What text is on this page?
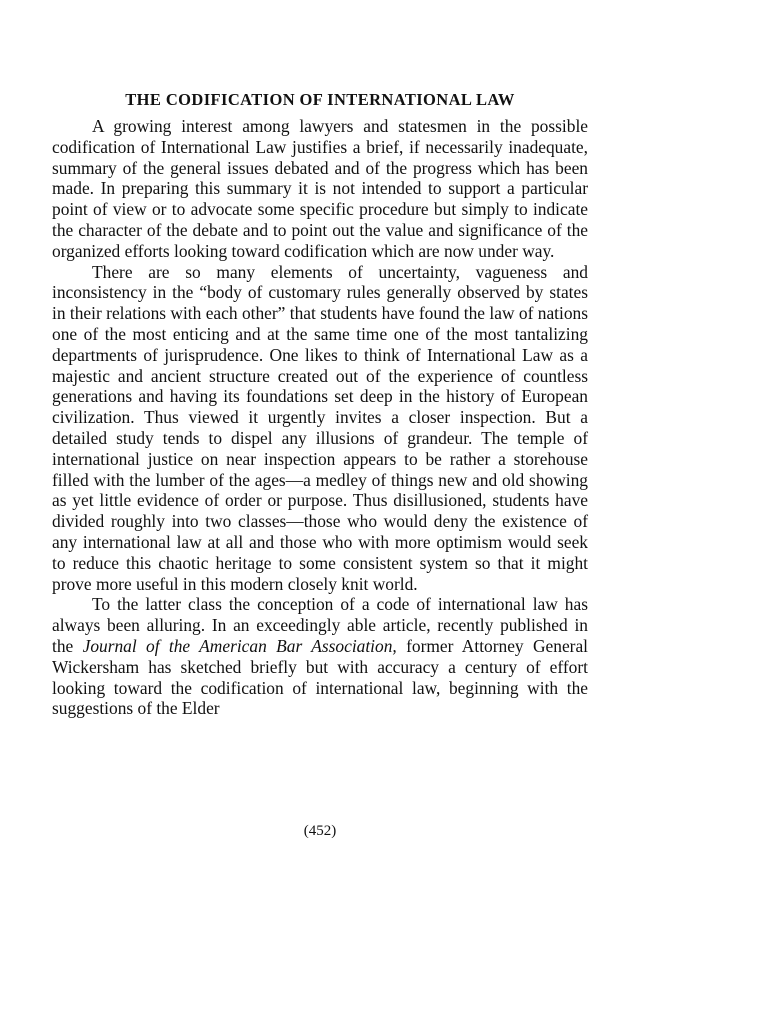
THE CODIFICATION OF INTERNATIONAL LAW

A growing interest among lawyers and statesmen in the possible codification of International Law justifies a brief, if necessarily inadequate, summary of the general issues debated and of the progress which has been made. In preparing this summary it is not intended to support a particular point of view or to advocate some specific procedure but simply to indicate the character of the debate and to point out the value and significance of the organized efforts looking toward codification which are now under way.

There are so many elements of uncertainty, vagueness and inconsistency in the “body of customary rules generally observed by states in their relations with each other” that students have found the law of nations one of the most enticing and at the same time one of the most tantalizing departments of jurisprudence. One likes to think of International Law as a majestic and ancient structure created out of the experience of countless generations and having its foundations set deep in the history of European civilization. Thus viewed it urgently invites a closer inspection. But a detailed study tends to dispel any illusions of grandeur. The temple of international justice on near inspection appears to be rather a storehouse filled with the lumber of the ages—a medley of things new and old showing as yet little evidence of order or purpose. Thus disillusioned, students have divided roughly into two classes—those who would deny the existence of any international law at all and those who with more optimism would seek to reduce this chaotic heritage to some consistent system so that it might prove more useful in this modern closely knit world.

To the latter class the conception of a code of international law has always been alluring. In an exceedingly able article, recently published in the Journal of the American Bar Association, former Attorney General Wickersham has sketched briefly but with accuracy a century of effort looking toward the codification of international law, beginning with the suggestions of the Elder

(452)
